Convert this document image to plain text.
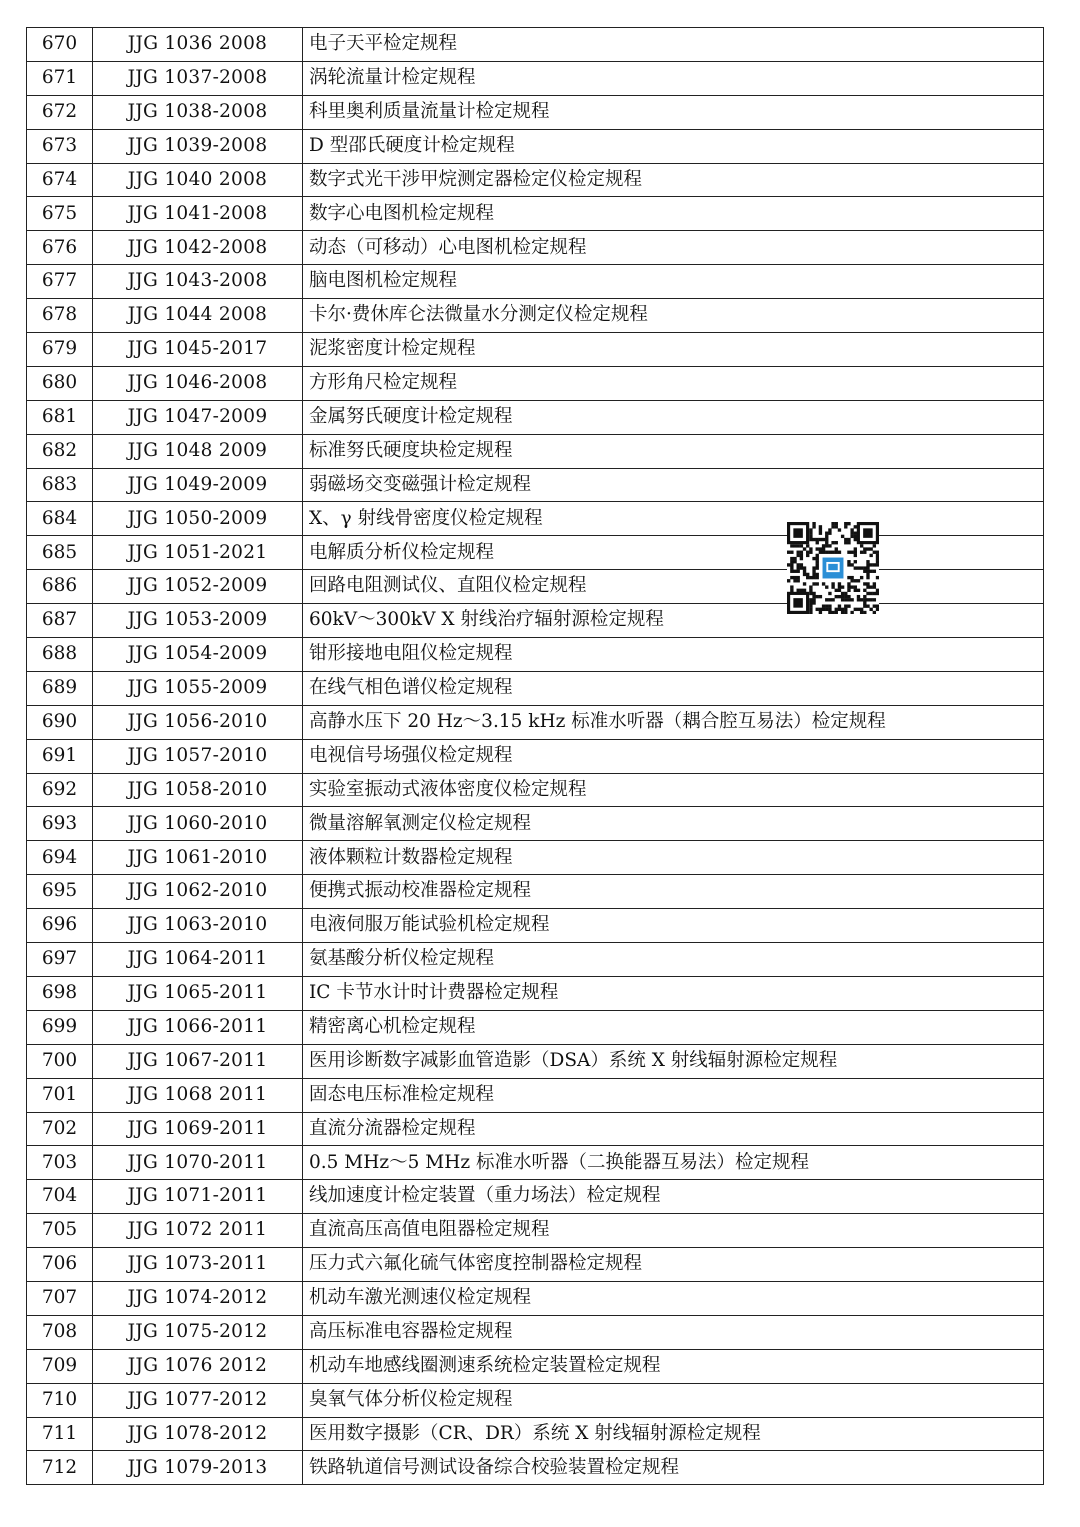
670	JJG 1036 2008	电子天平检定规程
671	JJG 1037-2008	涡轮流量计检定规程
672	JJG 1038-2008	科里奥利质量流量计检定规程
673	JJG 1039-2008	D 型邵氏硬度计检定规程
674	JJG 1040 2008	数字式光干涉甲烷测定器检定仪检定规程
675	JJG 1041-2008	数字心电图机检定规程
676	JJG 1042-2008	动态（可移动）心电图机检定规程
677	JJG 1043-2008	脑电图机检定规程
678	JJG 1044 2008	卡尔·费休库仑法微量水分测定仪检定规程
679	JJG 1045-2017	泥浆密度计检定规程
680	JJG 1046-2008	方形角尺检定规程
681	JJG 1047-2009	金属努氏硬度计检定规程
682	JJG 1048 2009	标准努氏硬度块检定规程
683	JJG 1049-2009	弱磁场交变磁强计检定规程
684	JJG 1050-2009	X、γ 射线骨密度仪检定规程
685	JJG 1051-2021	电解质分析仪检定规程
686	JJG 1052-2009	回路电阻测试仪、直阻仪检定规程
687	JJG 1053-2009	60kV～300kV X 射线治疗辐射源检定规程
688	JJG 1054-2009	钳形接地电阻仪检定规程
689	JJG 1055-2009	在线气相色谱仪检定规程
690	JJG 1056-2010	高静水压下 20 Hz～3.15 kHz 标准水听器（耦合腔互易法）检定规程
691	JJG 1057-2010	电视信号场强仪检定规程
692	JJG 1058-2010	实验室振动式液体密度仪检定规程
693	JJG 1060-2010	微量溶解氧测定仪检定规程
694	JJG 1061-2010	液体颗粒计数器检定规程
695	JJG 1062-2010	便携式振动校准器检定规程
696	JJG 1063-2010	电液伺服万能试验机检定规程
697	JJG 1064-2011	氨基酸分析仪检定规程
698	JJG 1065-2011	IC 卡节水计时计费器检定规程
699	JJG 1066-2011	精密离心机检定规程
700	JJG 1067-2011	医用诊断数字减影血管造影（DSA）系统 X 射线辐射源检定规程
701	JJG 1068 2011	固态电压标准检定规程
702	JJG 1069-2011	直流分流器检定规程
703	JJG 1070-2011	0.5 MHz～5 MHz 标准水听器（二换能器互易法）检定规程
704	JJG 1071-2011	线加速度计检定装置（重力场法）检定规程
705	JJG 1072 2011	直流高压高值电阻器检定规程
706	JJG 1073-2011	压力式六氟化硫气体密度控制器检定规程
707	JJG 1074-2012	机动车激光测速仪检定规程
708	JJG 1075-2012	高压标准电容器检定规程
709	JJG 1076 2012	机动车地感线圈测速系统检定装置检定规程
710	JJG 1077-2012	臭氧气体分析仪检定规程
711	JJG 1078-2012	医用数字摄影（CR、DR）系统 X 射线辐射源检定规程
712	JJG 1079-2013	铁路轨道信号测试设备综合校验装置检定规程
